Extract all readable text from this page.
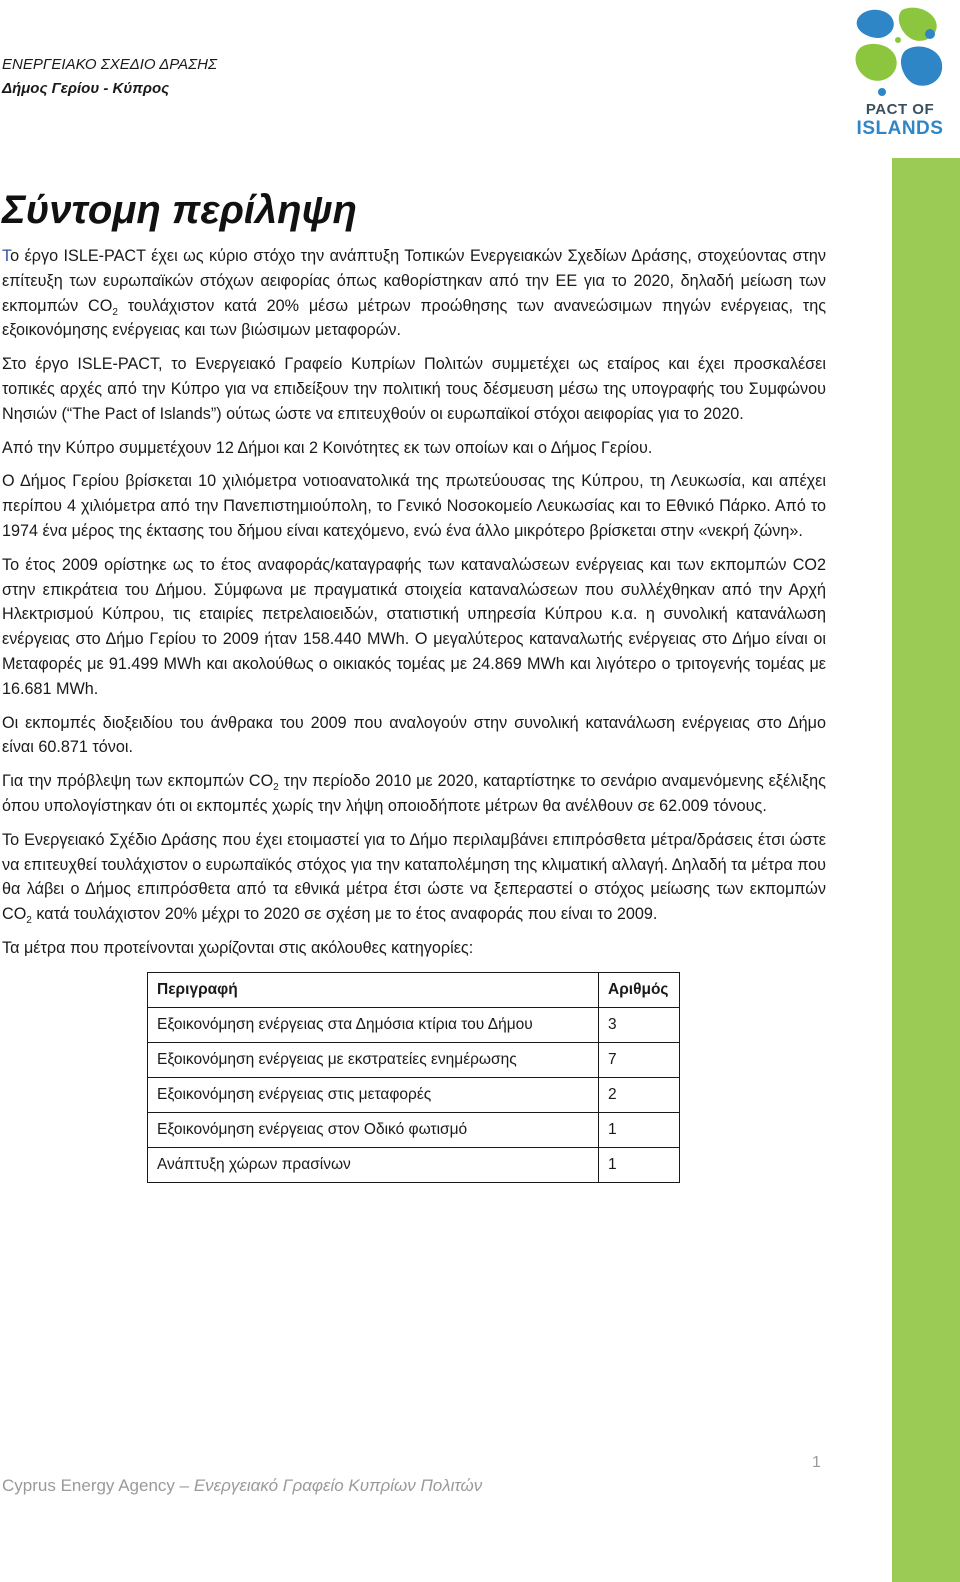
PACT OF
ISLANDS
ΕΝΕΡΓΕΙΑΚΟ ΣΧΕΔΙΟ ΔΡΑΣΗΣ
Δήμος Γερίου - Κύπρος
Σύντομη περίληψη

Το έργο ISLE-PACT έχει ως κύριο στόχο την ανάπτυξη Τοπικών Ενεργειακών Σχεδίων Δράσης, στοχεύοντας στην επίτευξη των ευρωπαϊκών στόχων αειφορίας όπως καθορίστηκαν από την ΕΕ για το 2020, δηλαδή μείωση των εκπομπών $CO_2$ τουλάχιστον κατά 20% μέσω μέτρων προώθησης των ανανεώσιμων πηγών ενέργειας, της εξοικονόμησης ενέργειας και των βιώσιμων μεταφορών.

Στο έργο ISLE-PACT, το Ενεργειακό Γραφείο Κυπρίων Πολιτών συμμετέχει ως εταίρος και έχει προσκαλέσει τοπικές αρχές από την Κύπρο για να επιδείξουν την πολιτική τους δέσμευση μέσω της υπογραφής του Συμφώνου Νησιών (“The Pact of Islands”) ούτως ώστε να επιτευχθούν οι ευρωπαϊκοί στόχοι αειφορίας για το 2020.

Από την Κύπρο συμμετέχουν 12 Δήμοι και 2 Κοινότητες εκ των οποίων και ο Δήμος Γερίου.

Ο Δήμος Γερίου βρίσκεται 10 χιλιόμετρα νοτιοανατολικά της πρωτεύουσας της Κύπρου, τη Λευκωσία, και απέχει περίπου 4 χιλιόμετρα από την Πανεπιστημιούπολη, το Γενικό Νοσοκομείο Λευκωσίας και το Εθνικό Πάρκο. Από το 1974 ένα μέρος της έκτασης του δήμου είναι κατεχόμενο, ενώ ένα άλλο μικρότερο βρίσκεται στην «νεκρή ζώνη».

Το έτος 2009 ορίστηκε ως το έτος αναφοράς/καταγραφής των καταναλώσεων ενέργειας και των εκπομπών CO2 στην επικράτεια του Δήμου. Σύμφωνα με πραγματικά στοιχεία καταναλώσεων που συλλέχθηκαν από την Αρχή Ηλεκτρισμού Κύπρου, τις εταιρίες πετρελαιοειδών, στατιστική υπηρεσία Κύπρου κ.α. η συνολική κατανάλωση ενέργειας στο Δήμο Γερίου το 2009 ήταν 158.440 MWh. Ο μεγαλύτερος καταναλωτής ενέργειας στο Δήμο είναι οι Μεταφορές με 91.499 MWh και ακολούθως ο οικιακός τομέας με 24.869 MWh και λιγότερο ο τριτογενής τομέας με 16.681 MWh.

Οι εκπομπές διοξειδίου του άνθρακα του 2009 που αναλογούν στην συνολική κατανάλωση ενέργειας στο Δήμο είναι 60.871 τόνοι.

Για την πρόβλεψη των εκπομπών $CO_2$ την περίοδο 2010 με 2020, καταρτίστηκε το σενάριο αναμενόμενης εξέλιξης όπου υπολογίστηκαν ότι οι εκπομπές χωρίς την λήψη οποιοδήποτε μέτρων θα ανέλθουν σε 62.009 τόνους.

Το Ενεργειακό Σχέδιο Δράσης που έχει ετοιμαστεί για το Δήμο περιλαμβάνει επιπρόσθετα μέτρα/δράσεις έτσι ώστε να επιτευχθεί τουλάχιστον ο ευρωπαϊκός στόχος για την καταπολέμηση της κλιματική αλλαγή. Δηλαδή τα μέτρα που θα λάβει ο Δήμος επιπρόσθετα από τα εθνικά μέτρα έτσι ώστε να ξεπεραστεί ο στόχος μείωσης των εκπομπών $CO_2$ κατά τουλάχιστον 20% μέχρι το 2020 σε σχέση με το έτος αναφοράς που είναι το 2009.

Τα μέτρα που προτείνονται χωρίζονται στις ακόλουθες κατηγορίες:

Περιγραφή	Αριθμός
Εξοικονόμηση ενέργειας στα Δημόσια κτίρια του Δήμου	3
Εξοικονόμηση ενέργειας με εκστρατείες ενημέρωσης	7
Εξοικονόμηση ενέργειας στις μεταφορές	2
Εξοικονόμηση ενέργειας στον Οδικό φωτισμό	1
Ανάπτυξη χώρων πρασίνων	1
1
Cyprus Energy Agency – Ενεργειακό Γραφείο Κυπρίων Πολιτών
